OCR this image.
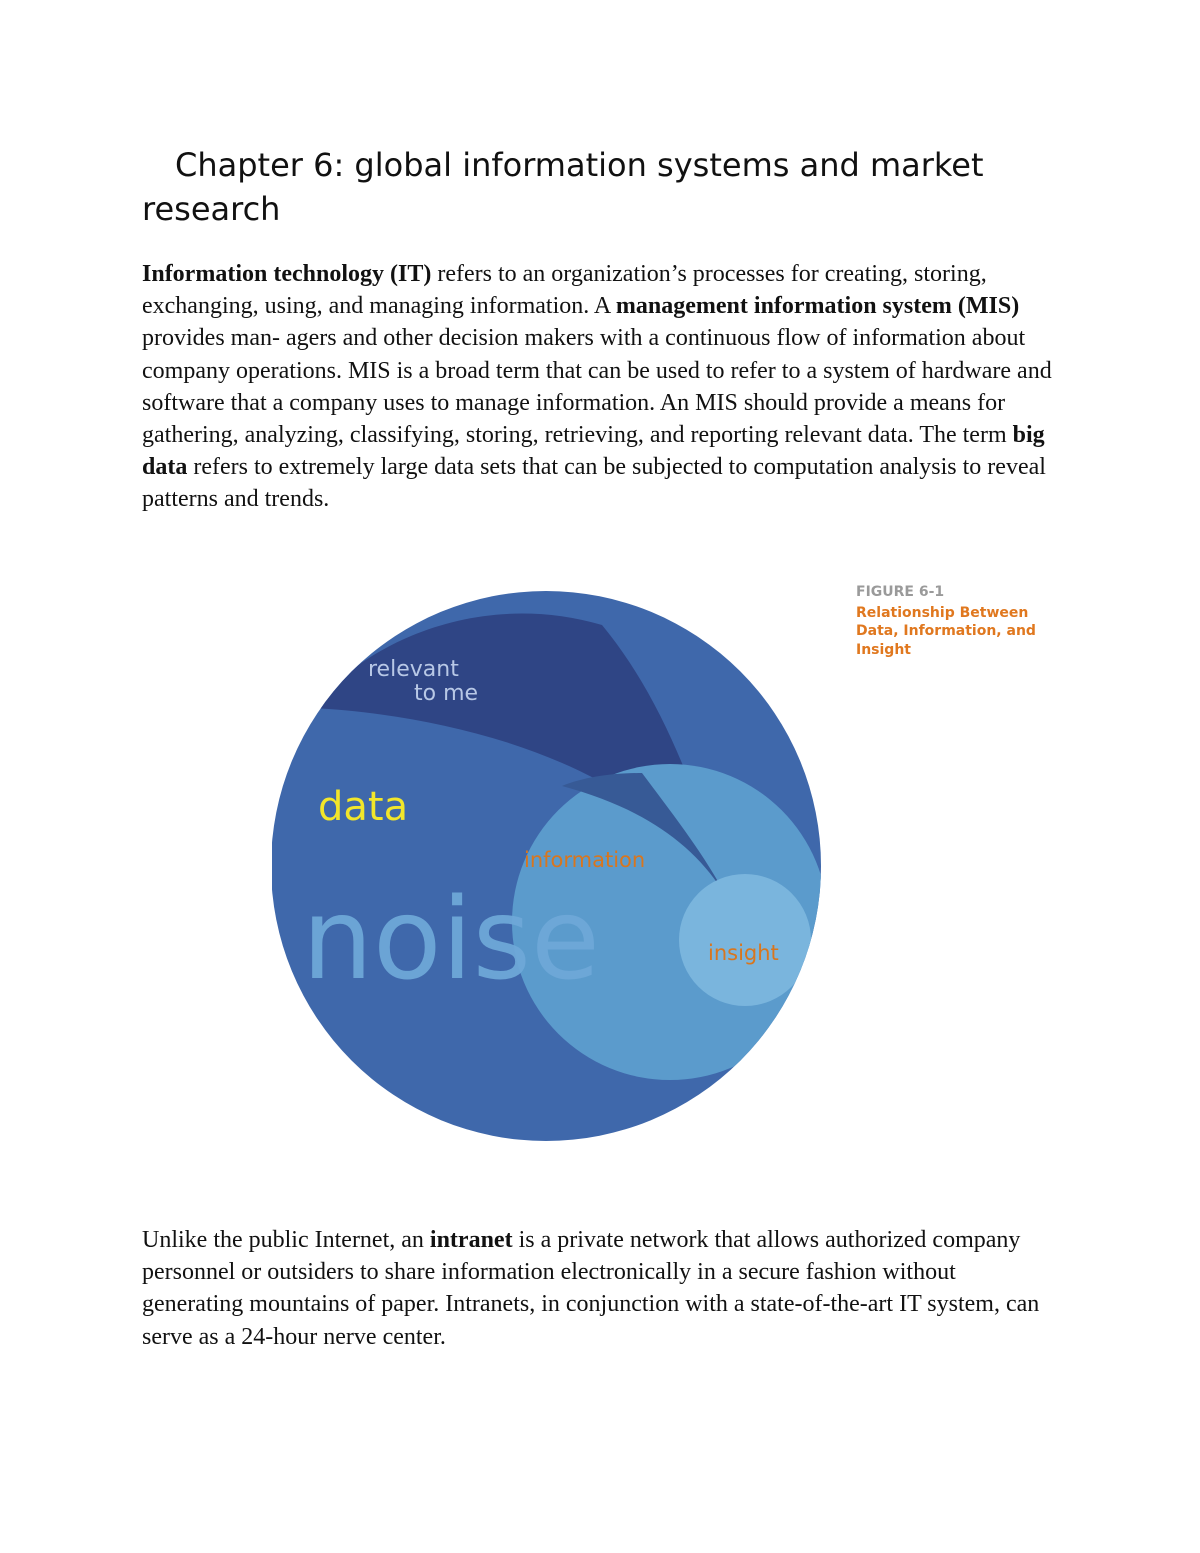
Chapter 6: global information systems and market research

Information technology (IT) refers to an organization’s processes for creating, storing, exchanging, using, and managing information. A management information system (MIS) provides man- agers and other decision makers with a continuous flow of information about company operations. MIS is a broad term that can be used to refer to a system of hardware and software that a company uses to manage information. An MIS should provide a means for gathering, analyzing, classifying, storing, retrieving, and reporting relevant data. The term big data refers to extremely large data sets that can be subjected to computation analysis to reveal patterns and trends.

noise
relevant
to me
data
information
insight
FIGURE 6-1
Relationship Between Data, Information, and Insight

Unlike the public Internet, an intranet is a private network that allows authorized company personnel or outsiders to share information electronically in a secure fashion without generating mountains of paper. Intranets, in conjunction with a state-of-the-art IT system, can serve as a 24-hour nerve center.
